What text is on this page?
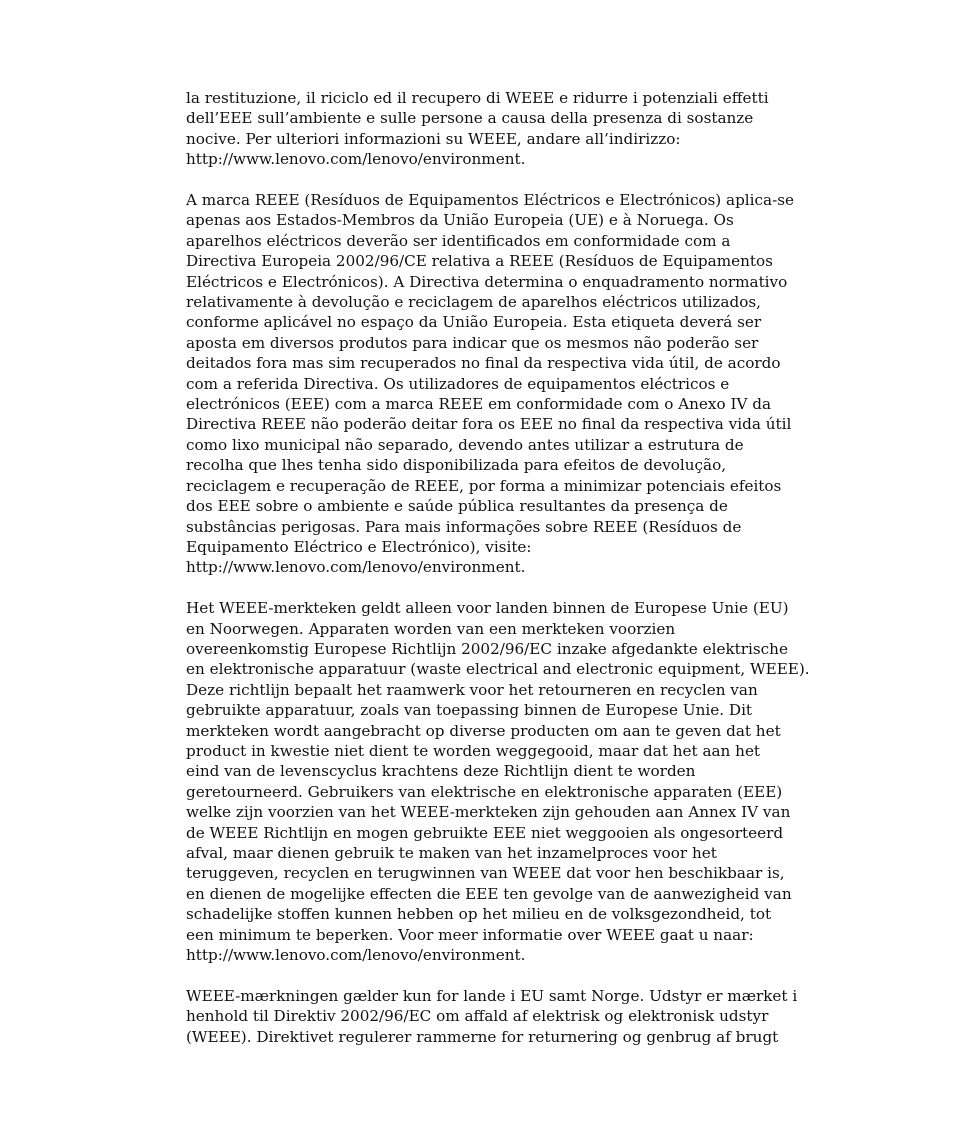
la restituzione, il riciclo ed il recupero di WEEE e ridurre i potenziali effetti
dell’EEE sull’ambiente e sulle persone a causa della presenza di sostanze
nocive. Per ulteriori informazioni su WEEE, andare all’indirizzo:
http://www.lenovo.com/lenovo/environment.
A marca REEE (Resíduos de Equipamentos Eléctricos e Electrónicos) aplica-se
apenas aos Estados-Membros da União Europeia (UE) e à Noruega. Os
aparelhos eléctricos deverão ser identificados em conformidade com a
Directiva Europeia 2002/96/CE relativa a REEE (Resíduos de Equipamentos
Eléctricos e Electrónicos). A Directiva determina o enquadramento normativo
relativamente à devolução e reciclagem de aparelhos eléctricos utilizados,
conforme aplicável no espaço da União Europeia. Esta etiqueta deverá ser
aposta em diversos produtos para indicar que os mesmos não poderão ser
deitados fora mas sim recuperados no final da respectiva vida útil, de acordo
com a referida Directiva. Os utilizadores de equipamentos eléctricos e
electrónicos (EEE) com a marca REEE em conformidade com o Anexo IV da
Directiva REEE não poderão deitar fora os EEE no final da respectiva vida útil
como lixo municipal não separado, devendo antes utilizar a estrutura de
recolha que lhes tenha sido disponibilizada para efeitos de devolução,
reciclagem e recuperação de REEE, por forma a minimizar potenciais efeitos
dos EEE sobre o ambiente e saúde pública resultantes da presença de
substâncias perigosas. Para mais informações sobre REEE (Resíduos de
Equipamento Eléctrico e Electrónico), visite:
http://www.lenovo.com/lenovo/environment.
Het WEEE-merkteken geldt alleen voor landen binnen de Europese Unie (EU)
en Noorwegen. Apparaten worden van een merkteken voorzien
overeenkomstig Europese Richtlijn 2002/96/EC inzake afgedankte elektrische
en elektronische apparatuur (waste electrical and electronic equipment, WEEE).
Deze richtlijn bepaalt het raamwerk voor het retourneren en recyclen van
gebruikte apparatuur, zoals van toepassing binnen de Europese Unie. Dit
merkteken wordt aangebracht op diverse producten om aan te geven dat het
product in kwestie niet dient te worden weggegooid, maar dat het aan het
eind van de levenscyclus krachtens deze Richtlijn dient te worden
geretourneerd. Gebruikers van elektrische en elektronische apparaten (EEE)
welke zijn voorzien van het WEEE-merkteken zijn gehouden aan Annex IV van
de WEEE Richtlijn en mogen gebruikte EEE niet weggooien als ongesorteerd
afval, maar dienen gebruik te maken van het inzamelproces voor het
teruggeven, recyclen en terugwinnen van WEEE dat voor hen beschikbaar is,
en dienen de mogelijke effecten die EEE ten gevolge van de aanwezigheid van
schadelijke stoffen kunnen hebben op het milieu en de volksgezondheid, tot
een minimum te beperken. Voor meer informatie over WEEE gaat u naar:
http://www.lenovo.com/lenovo/environment.
WEEE-mærkningen gælder kun for lande i EU samt Norge. Udstyr er mærket i
henhold til Direktiv 2002/96/EC om affald af elektrisk og elektronisk udstyr
(WEEE). Direktivet regulerer rammerne for returnering og genbrug af brugt
